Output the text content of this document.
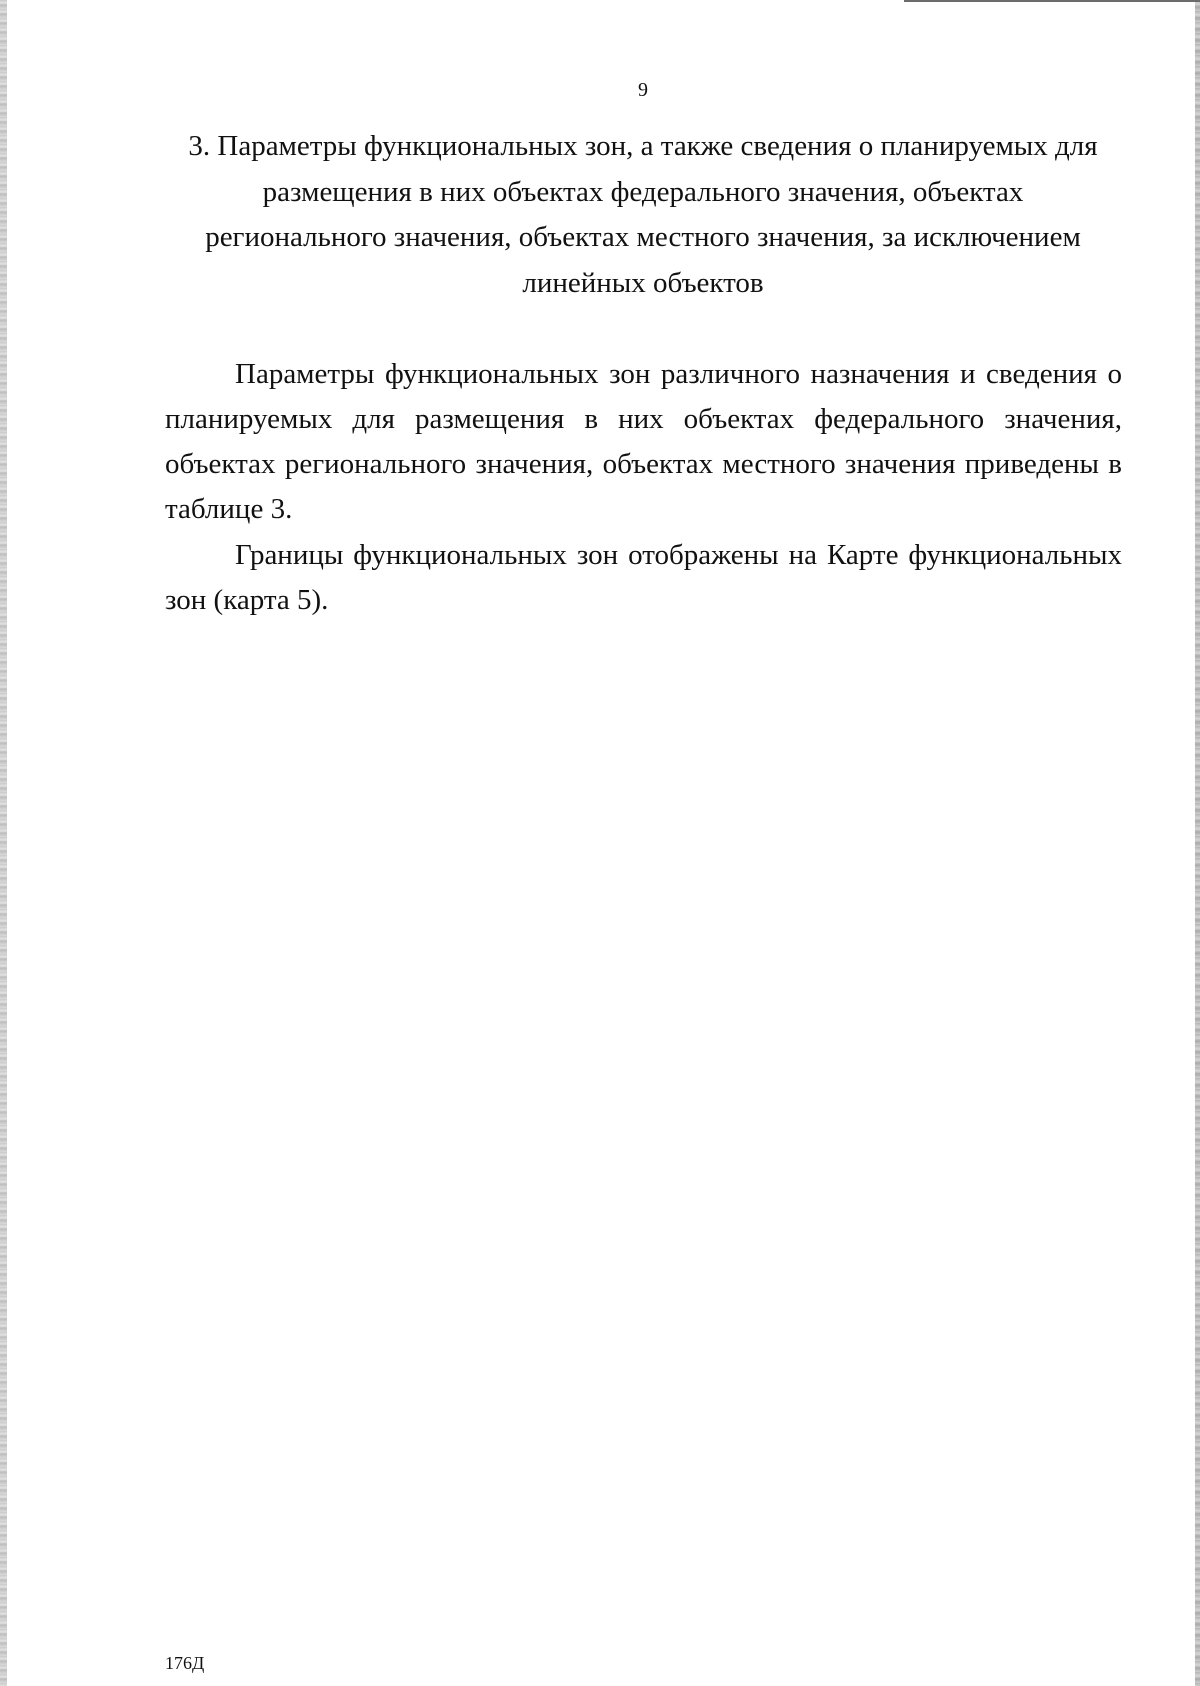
9
3. Параметры функциональных зон, а также сведения о планируемых для размещения в них объектах федерального значения, объектах регионального значения, объектах местного значения, за исключением линейных объектов

Параметры функциональных зон различного назначения и сведения о планируемых для размещения в них объектах федерального значения, объектах регионального значения, объектах местного значения приведены в таблице 3.

Границы функциональных зон отображены на Карте функциональных зон (карта 5).

176Д
